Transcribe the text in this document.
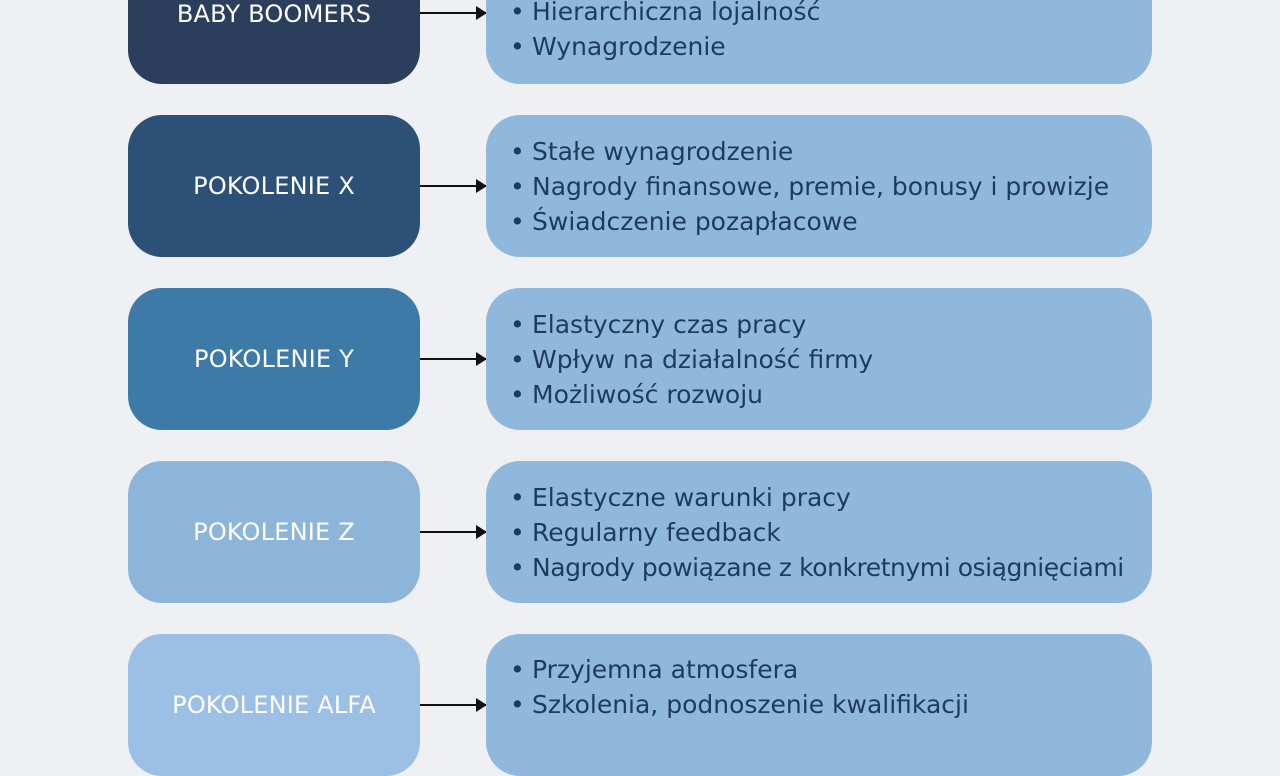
BABY BOOMERS	• Hierarchiczna lojalność
• Wynagrodzenie
POKOLENIE X
• Stałe wynagrodzenie
• Nagrody finansowe, premie, bonusy i prowizje
• Świadczenie pozapłacowe
POKOLENIE Y
• Elastyczny czas pracy
• Wpływ na działalność firmy
• Możliwość rozwoju
POKOLENIE Z
• Elastyczne warunki pracy
• Regularny feedback
• Nagrody powiązane z konkretnymi osiągnięciami
POKOLENIE ALFA
• Przyjemna atmosfera
• Szkolenia, podnoszenie kwalifikacji
